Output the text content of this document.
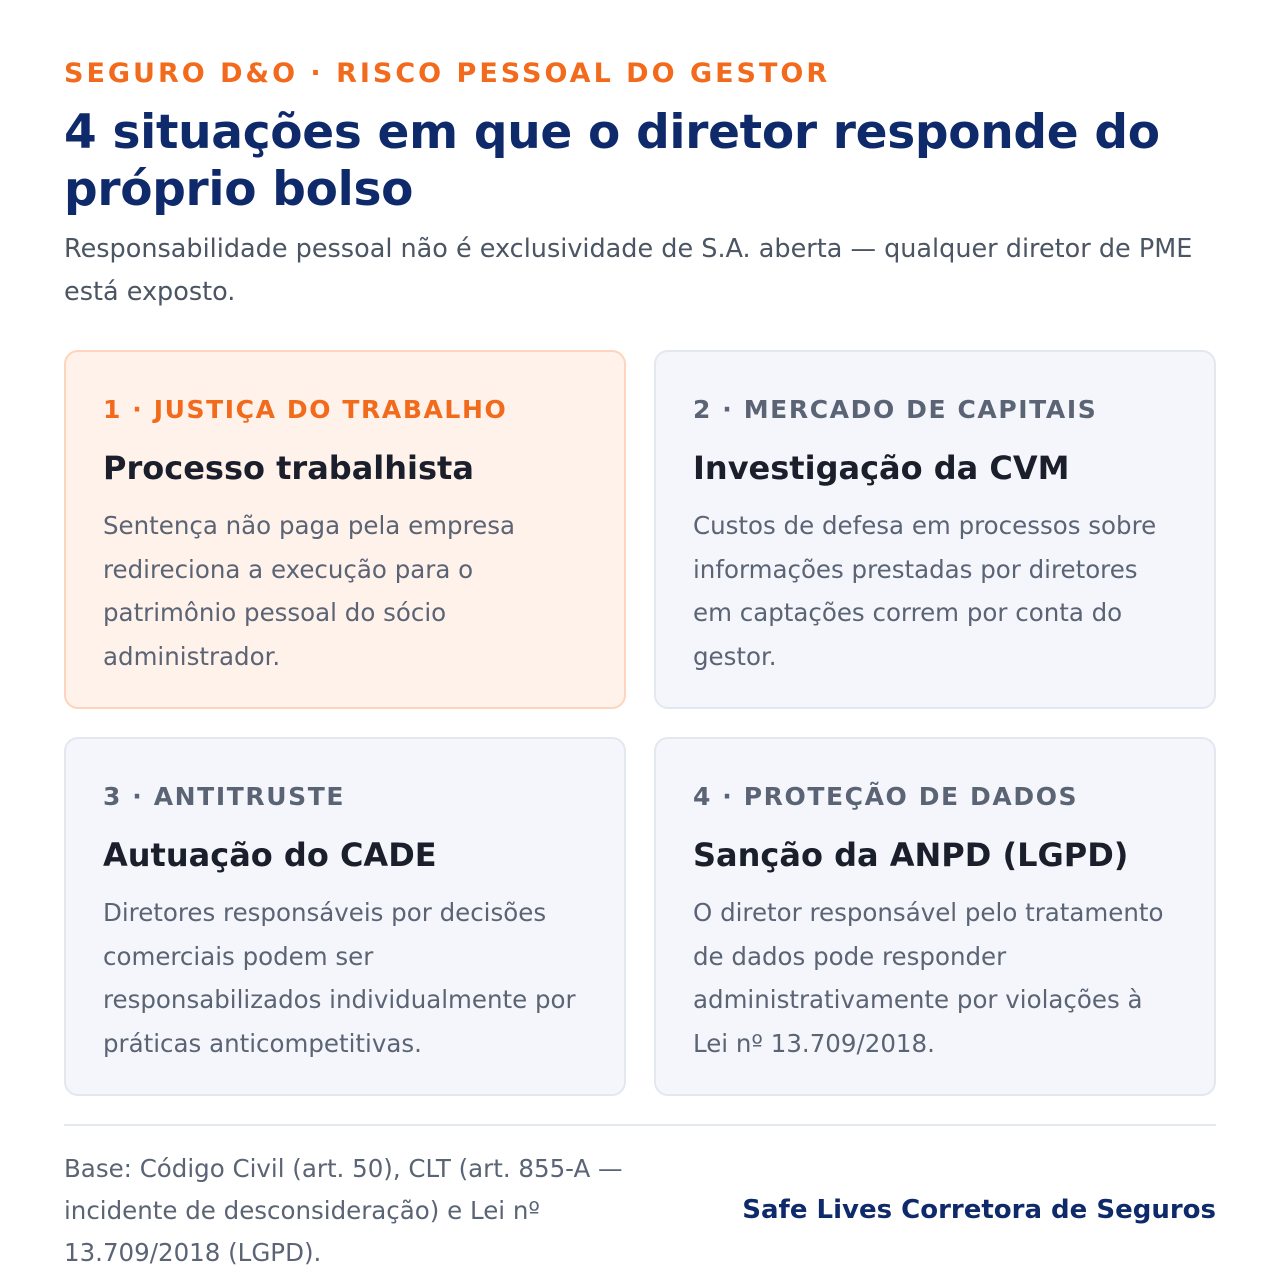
SEGURO D&O · RISCO PESSOAL DO GESTOR

4 situações em que o diretor responde do próprio bolso

Responsabilidade pessoal não é exclusividade de S.A. aberta — qualquer diretor de PME está exposto.

1 · JUSTIÇA DO TRABALHO

Processo trabalhista

Sentença não paga pela empresa redireciona a execução para o patrimônio pessoal do sócio administrador.

2 · MERCADO DE CAPITAIS

Investigação da CVM

Custos de defesa em processos sobre informações prestadas por diretores em captações correm por conta do gestor.

3 · ANTITRUSTE

Autuação do CADE

Diretores responsáveis por decisões comerciais podem ser responsabilizados individualmente por práticas anticompetitivas.

4 · PROTEÇÃO DE DADOS

Sanção da ANPD (LGPD)

O diretor responsável pelo tratamento de dados pode responder administrativamente por violações à Lei nº 13.709/2018.

Base: Código Civil (art. 50), CLT (art. 855-A — incidente de desconsideração) e Lei nº 13.709/2018 (LGPD).

Safe Lives Corretora de Seguros
